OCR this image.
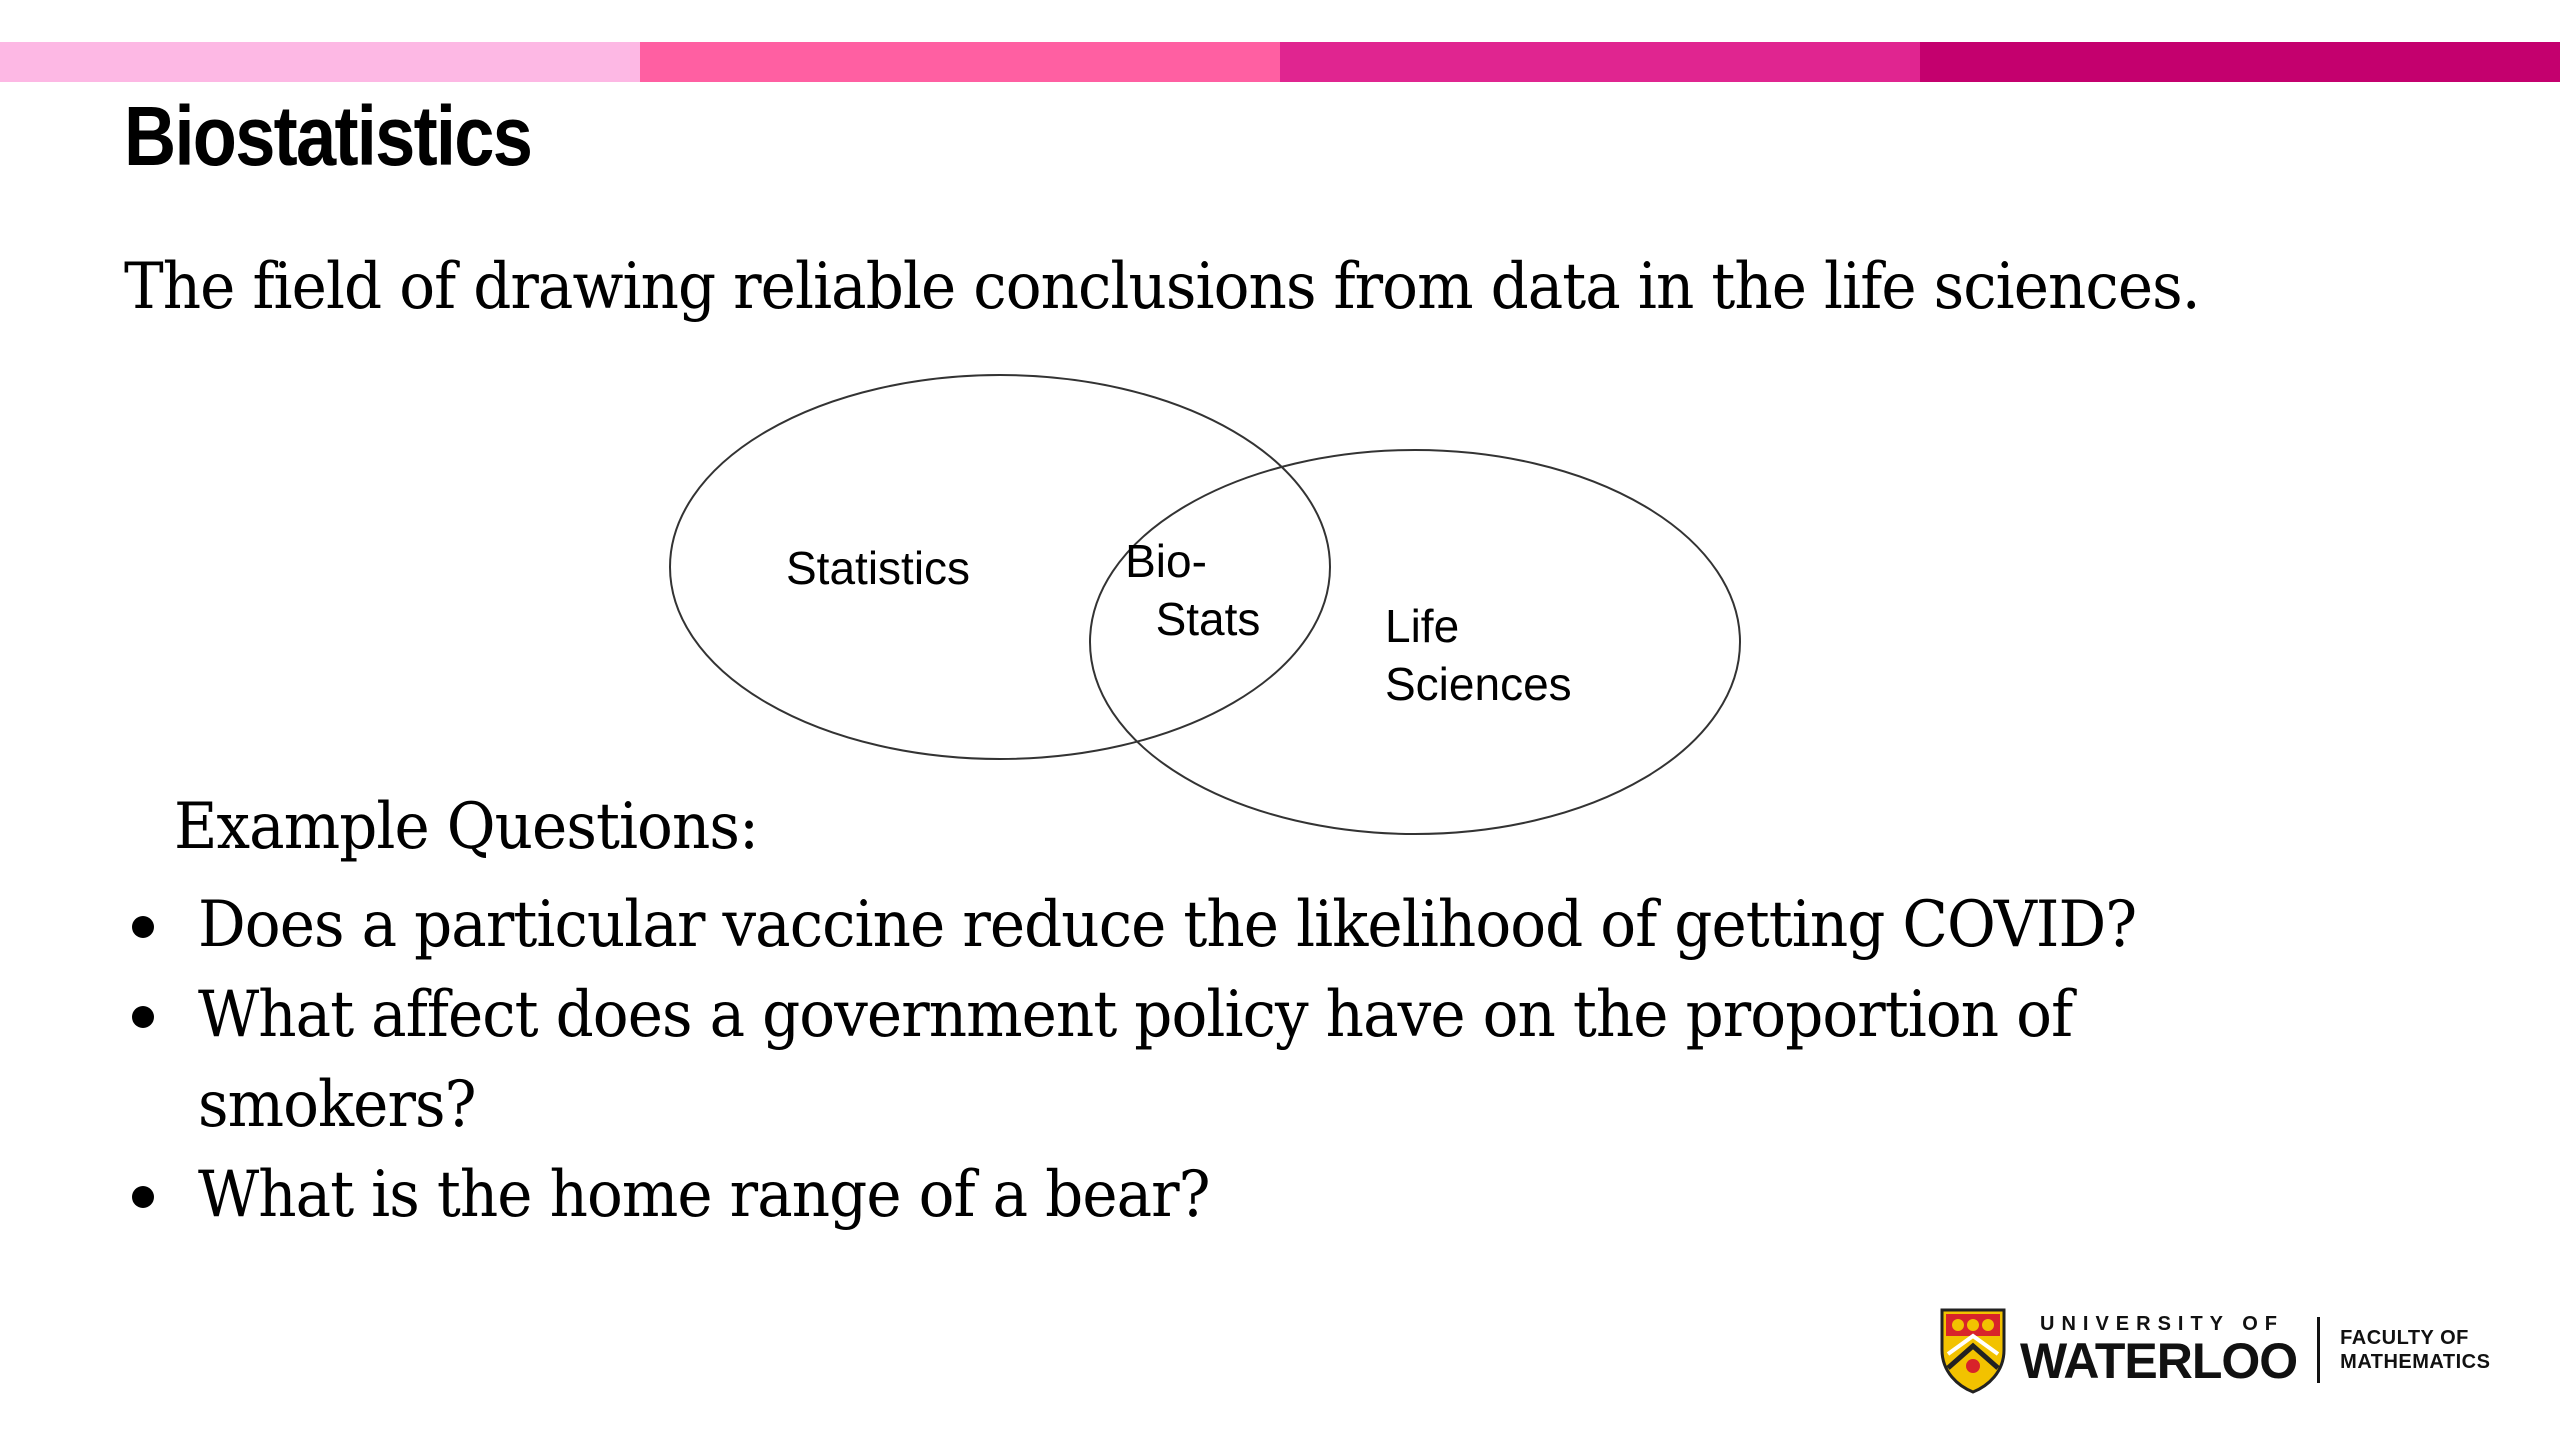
Biostatistics

The field of drawing reliable conclusions from data in the life sciences.

Statistics	Bio-
Stats	Life
Sciences

Example Questions:

Does a particular vaccine reduce the likelihood of getting COVID?
What affect does a government policy have on the proportion of smokers?
What is the home range of a bear?
UNIVERSITY OF
WATERLOO FACULTY OF
MATHEMATICS
